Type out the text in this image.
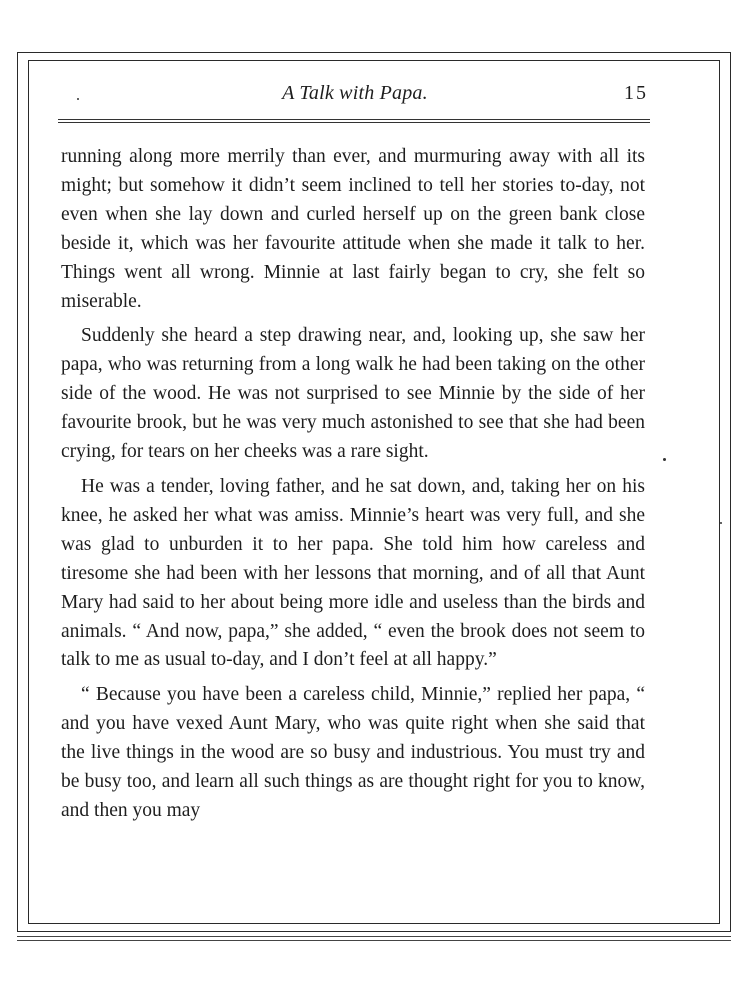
A Talk with Papa.	15

running along more merrily than ever, and murmuring away with all its might; but somehow it didn’t seem inclined to tell her stories to-day, not even when she lay down and curled herself up on the green bank close beside it, which was her favourite attitude when she made it talk to her. Things went all wrong. Minnie at last fairly began to cry, she felt so miserable.

Suddenly she heard a step drawing near, and, looking up, she saw her papa, who was returning from a long walk he had been taking on the other side of the wood. He was not surprised to see Minnie by the side of her favourite brook, but he was very much astonished to see that she had been crying, for tears on her cheeks was a rare sight.

He was a tender, loving father, and he sat down, and, taking her on his knee, he asked her what was amiss. Minnie’s heart was very full, and she was glad to unburden it to her papa. She told him how careless and tiresome she had been with her lessons that morning, and of all that Aunt Mary had said to her about being more idle and useless than the birds and animals. “ And now, papa,” she added, “ even the brook does not seem to talk to me as usual to-day, and I don’t feel at all happy.”

“ Because you have been a careless child, Minnie,” replied her papa, “ and you have vexed Aunt Mary, who was quite right when she said that the live things in the wood are so busy and industrious. You must try and be busy too, and learn all such things as are thought right for you to know, and then you may
